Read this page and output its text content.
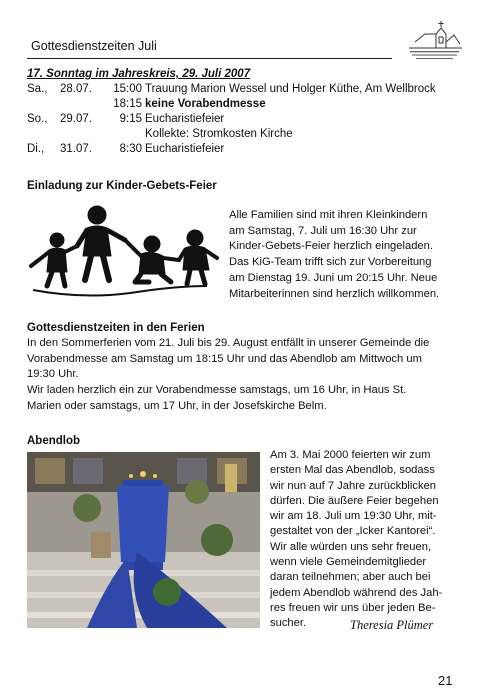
Gottesdienstzeiten Juli
17. Sonntag im Jahreskreis, 29. Juli 2007
Sa., 28.07.	15:00 Trauung Marion Wessel und Holger Küthe, Am Wellbrock
18:15 keine Vorabendmesse
So., 29.07.	9:15 Eucharistiefeier
Kollekte: Stromkosten Kirche
Di., 31.07.	8:30 Eucharistiefeier
Einladung zur Kinder-Gebets-Feier
Alle Familien sind mit ihren Kleinkindern
am Samstag, 7. Juli um 16:30 Uhr zur
Kinder-Gebets-Feier herzlich eingeladen.
Das KiG-Team trifft sich zur Vorbereitung
am Dienstag 19. Juni um 20:15 Uhr. Neue
Mitarbeiterinnen sind herzlich willkommen.
Gottesdienstzeiten in den Ferien
In den Sommerferien vom 21. Juli bis 29. August entfällt in unserer Gemeinde die
Vorabendmesse am Samstag um 18:15 Uhr und das Abendlob am Mittwoch um
19:30 Uhr.
Wir laden herzlich ein zur Vorabendmesse samstags, um 16 Uhr, in Haus St.
Marien oder samstags, um 17 Uhr, in der Josefskirche Belm.
Abendlob
Am 3. Mai 2000 feierten wir zum
ersten Mal das Abendlob, sodass
wir nun auf 7 Jahre zurückblicken
dürfen. Die äußere Feier begehen
wir am 18. Juli um 19:30 Uhr, mit-
gestaltet von der „Icker Kantorei“.
Wir alle würden uns sehr freuen,
wenn viele Gemeindemitglieder
daran teilnehmen; aber auch bei
jedem Abendlob während des Jah-
res freuen wir uns über jeden Be-
sucher.	Theresia Plümer
21
